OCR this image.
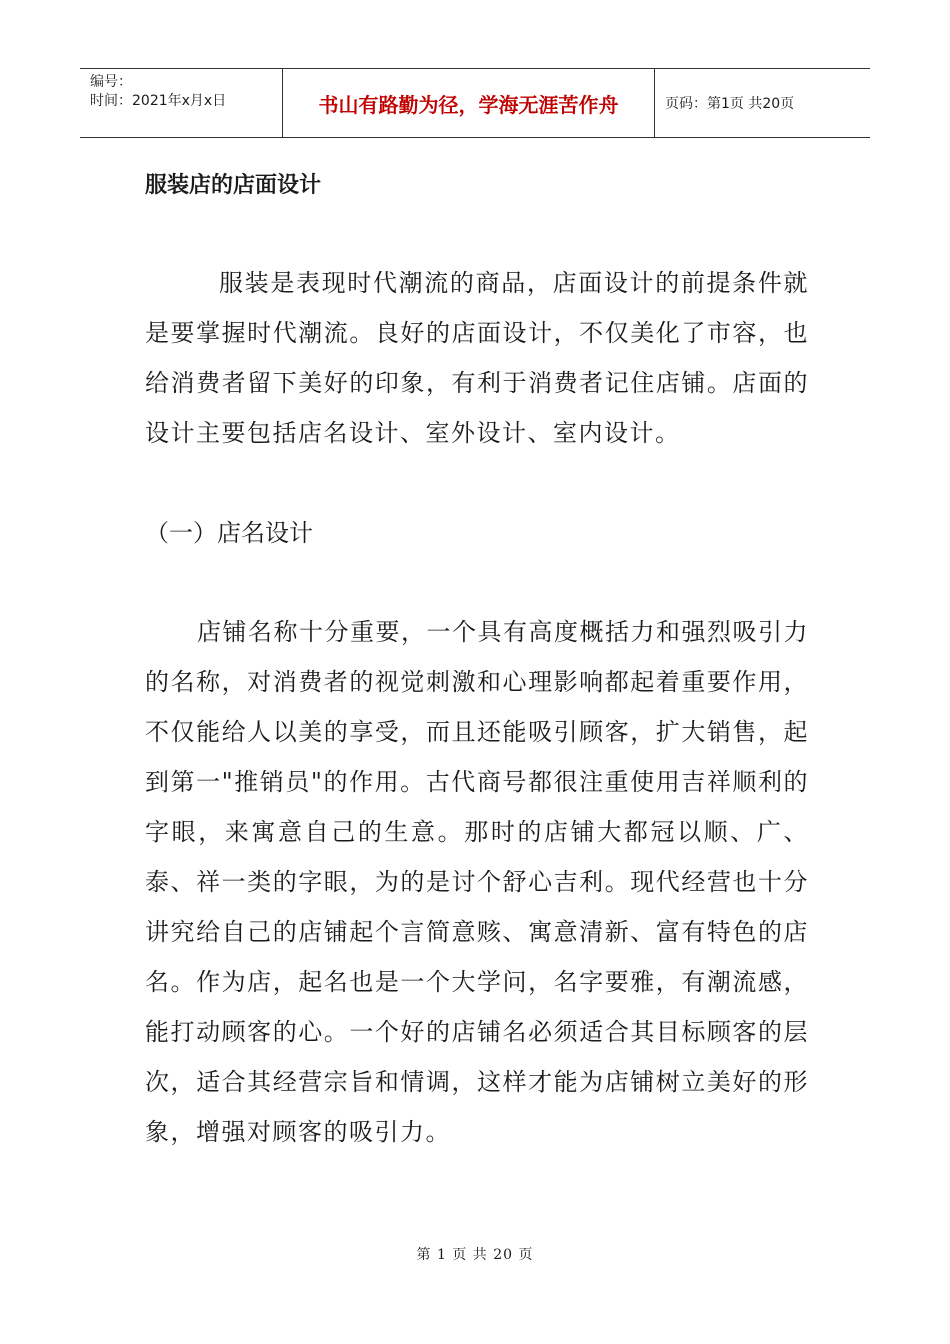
编号：
时间：2021年x月x日	书山有路勤为径，学海无涯苦作舟	页码：第1页 共20页
服装店的店面设计

服装是表现时代潮流的商品，店面设计的前提条件就是要掌握时代潮流。良好的店面设计，不仅美化了市容，也给消费者留下美好的印象，有利于消费者记住店铺。店面的设计主要包括店名设计、室外设计、室内设计。

（一）店名设计

店铺名称十分重要，一个具有高度概括力和强烈吸引力的名称，对消费者的视觉刺激和心理影响都起着重要作用，不仅能给人以美的享受，而且还能吸引顾客，扩大销售，起到第一"推销员"的作用。古代商号都很注重使用吉祥顺利的字眼，来寓意自己的生意。那时的店铺大都冠以顺、广、泰、祥一类的字眼，为的是讨个舒心吉利。现代经营也十分讲究给自己的店铺起个言简意赅、寓意清新、富有特色的店名。作为店，起名也是一个大学问，名字要雅，有潮流感，能打动顾客的心。一个好的店铺名必须适合其目标顾客的层次，适合其经营宗旨和情调，这样才能为店铺树立美好的形象，增强对顾客的吸引力。

第 1 页 共 20 页
